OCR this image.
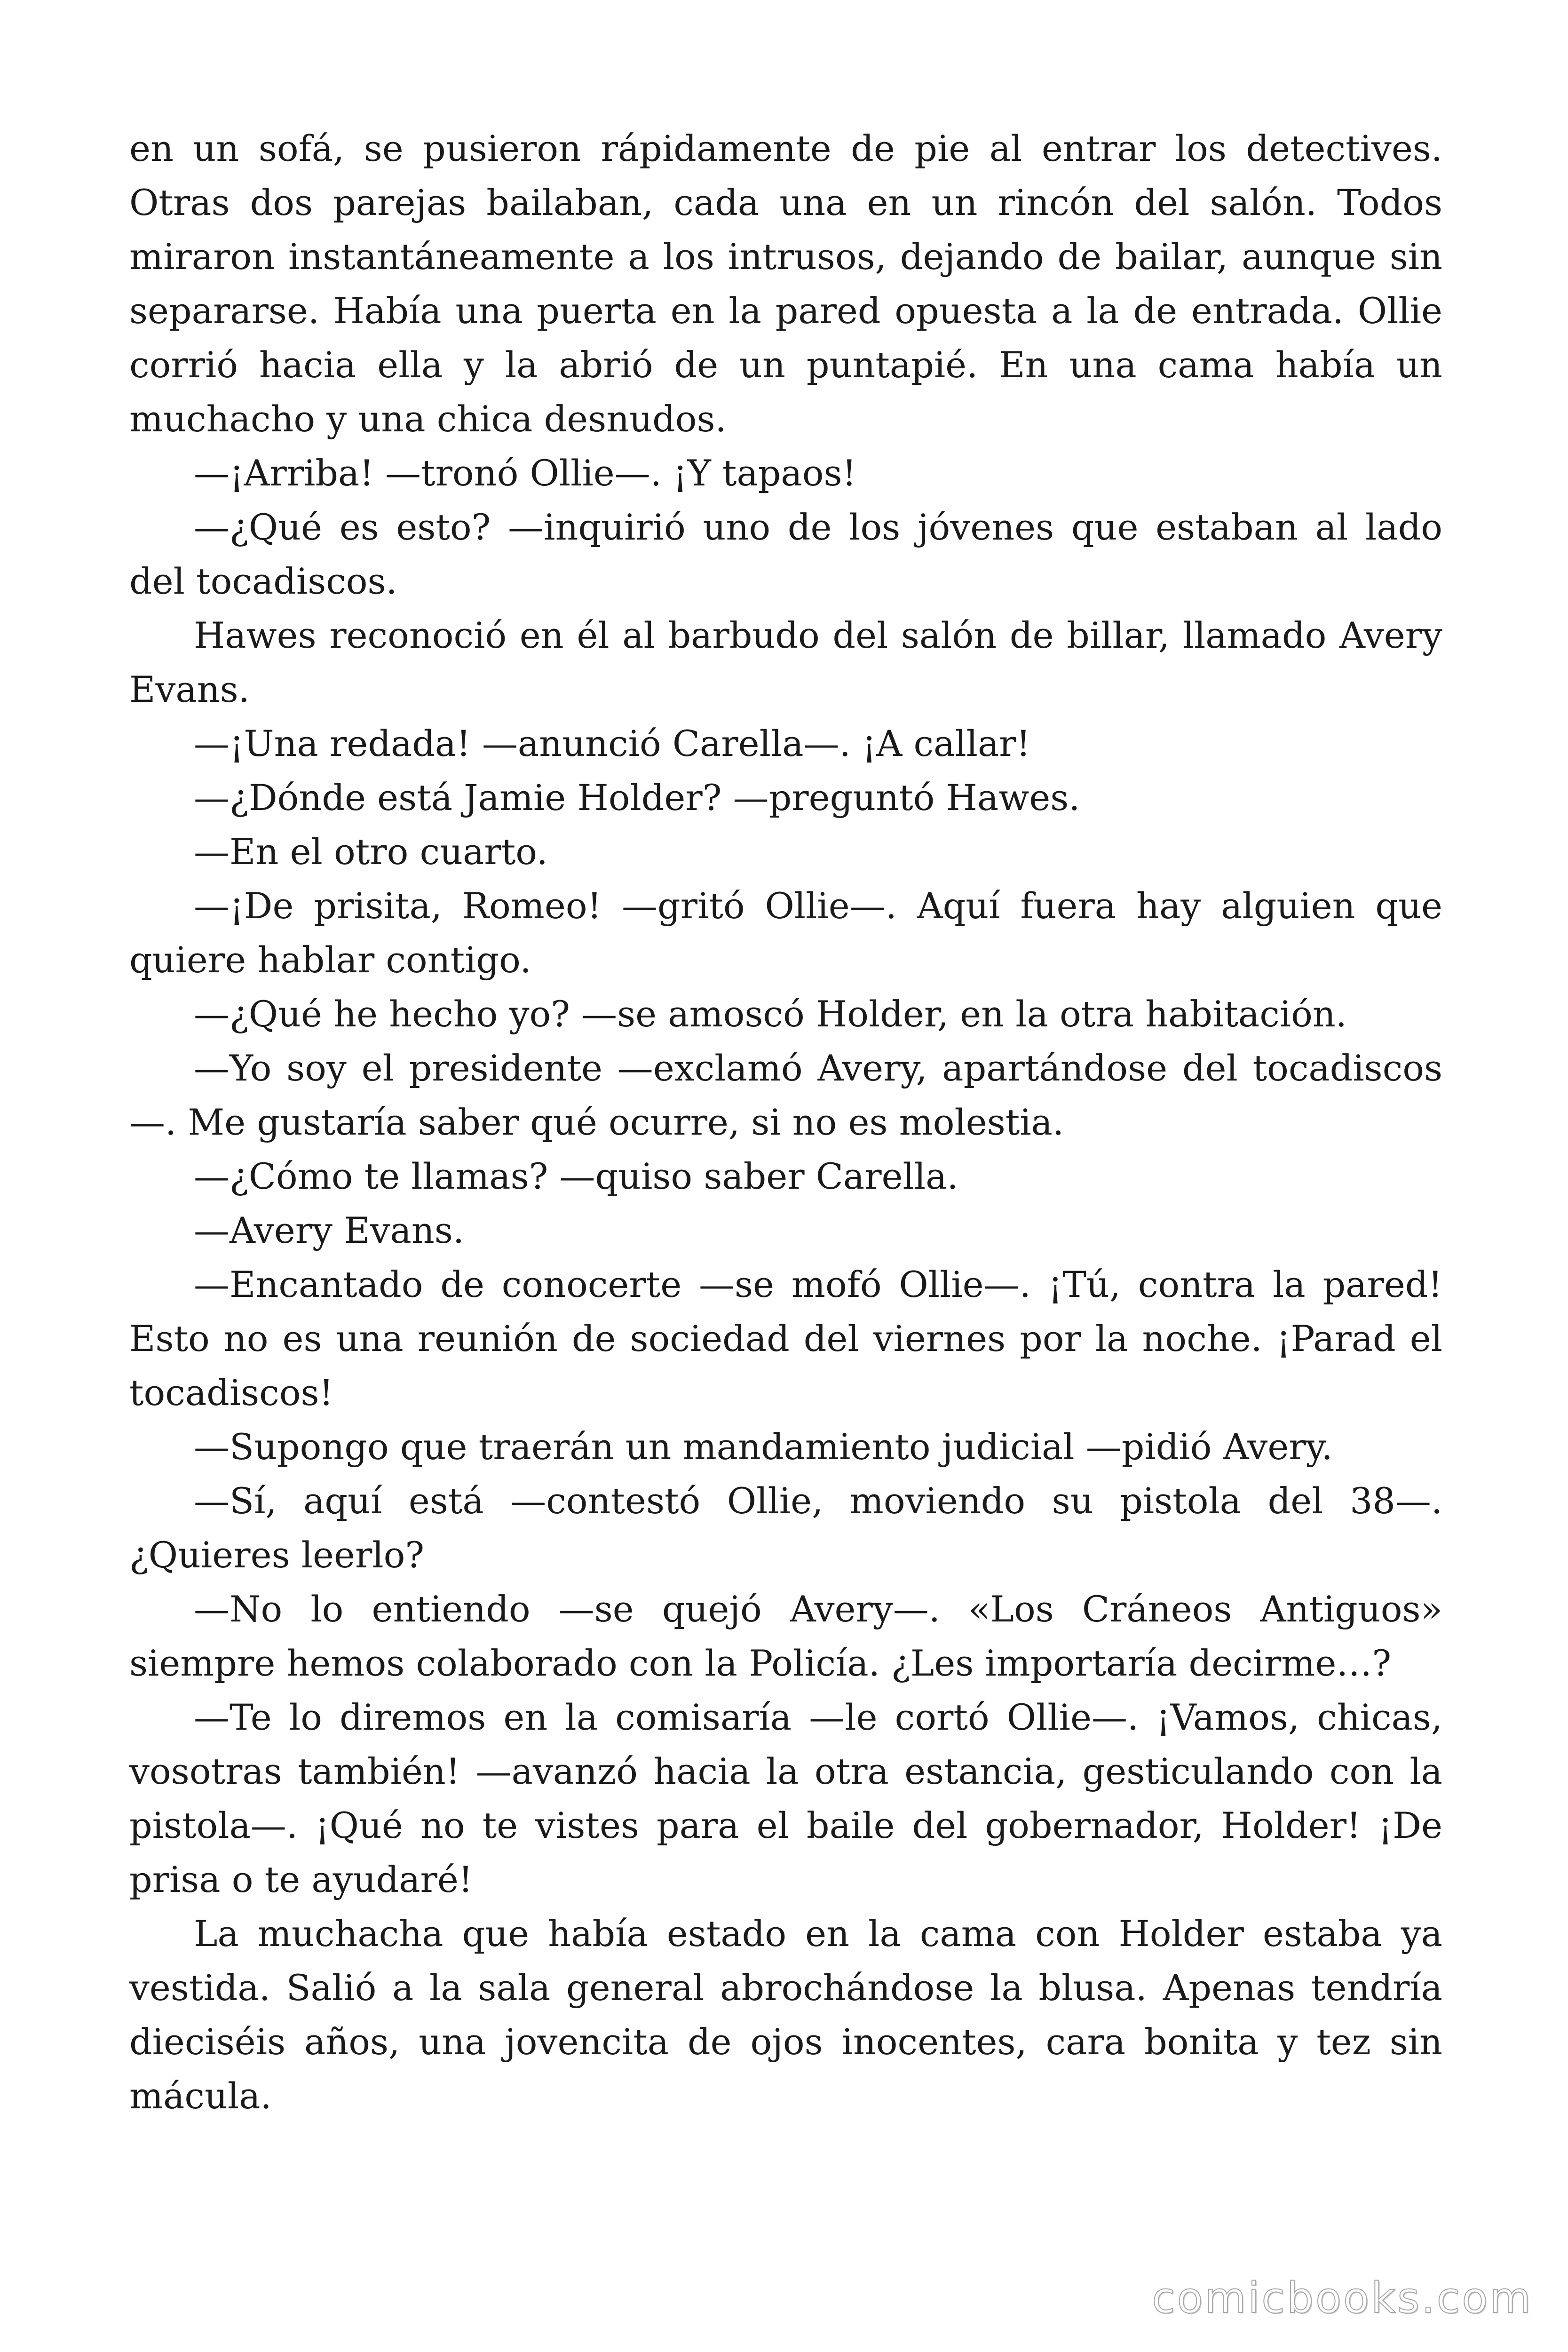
en un sofá, se pusieron rápidamente de pie al entrar los detectives. Otras dos parejas bailaban, cada una en un rincón del salón. Todos miraron instantáneamente a los intrusos, dejando de bailar, aunque sin separarse. Había una puerta en la pared opuesta a la de entrada. Ollie corrió hacia ella y la abrió de un puntapié. En una cama había un muchacho y una chica desnudos.

—¡Arriba! —tronó Ollie—. ¡Y tapaos!

—¿Qué es esto? —inquirió uno de los jóvenes que estaban al lado del tocadiscos.

Hawes reconoció en él al barbudo del salón de billar, llamado Avery Evans.

—¡Una redada! —anunció Carella—. ¡A callar!

—¿Dónde está Jamie Holder? —preguntó Hawes.

—En el otro cuarto.

—¡De prisita, Romeo! —gritó Ollie—. Aquí fuera hay alguien que quiere hablar contigo.

—¿Qué he hecho yo? —se amoscó Holder, en la otra habitación.

—Yo soy el presidente —exclamó Avery, apartándose del tocadiscos—. Me gustaría saber qué ocurre, si no es molestia.

—¿Cómo te llamas? —quiso saber Carella.

—Avery Evans.

—Encantado de conocerte —se mofó Ollie—. ¡Tú, contra la pared! Esto no es una reunión de sociedad del viernes por la noche. ¡Parad el tocadiscos!

—Supongo que traerán un mandamiento judicial —pidió Avery.

—Sí, aquí está —contestó Ollie, moviendo su pistola del 38—. ¿Quieres leerlo?

—No lo entiendo —se quejó Avery—. «Los Cráneos Antiguos» siempre hemos colaborado con la Policía. ¿Les importaría decirme…?

—Te lo diremos en la comisaría —le cortó Ollie—. ¡Vamos, chicas, vosotras también! —avanzó hacia la otra estancia, gesticulando con la pistola—. ¡Qué no te vistes para el baile del gobernador, Holder! ¡De prisa o te ayudaré!

La muchacha que había estado en la cama con Holder estaba ya vestida. Salió a la sala general abrochándose la blusa. Apenas tendría dieciséis años, una jovencita de ojos inocentes, cara bonita y tez sin mácula.

comicbooks.com
